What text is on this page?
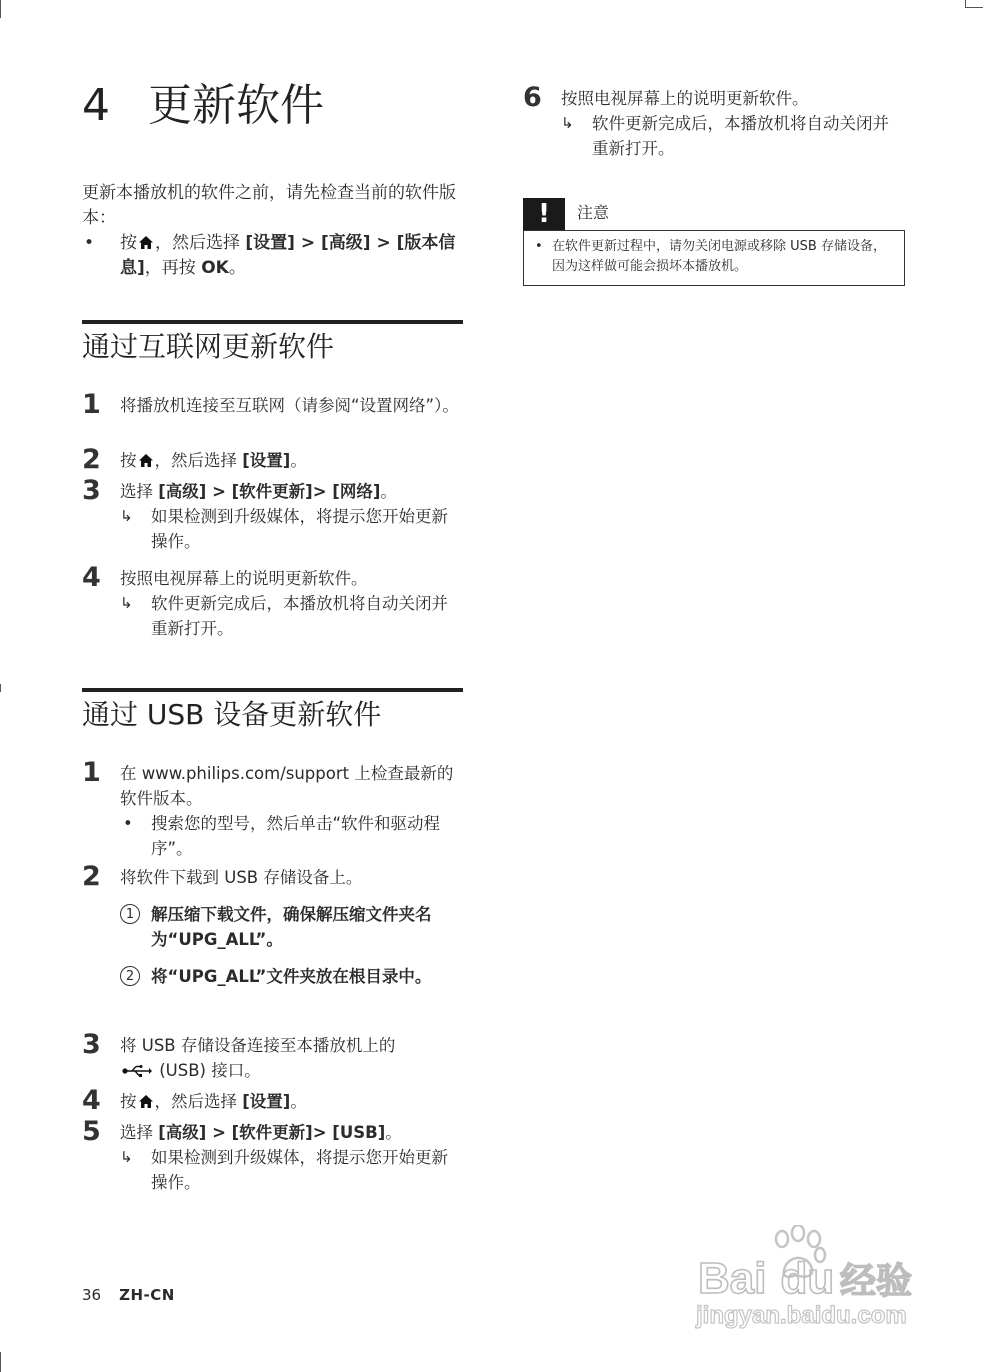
4 更新软件
更新本播放机的软件之前，请先检查当前的软件版本：
• 按 ，然后选择 [设置] > [高级] > [版本信息]，再按 OK。
通过互联网更新软件
1 将播放机连接至互联网（请参阅“设置网络”）。
2 按 ，然后选择 [设置]。
3 选择 [高级] > [软件更新]> [网络]。
↳ 如果检测到升级媒体，将提示您开始更新操作。
4 按照电视屏幕上的说明更新软件。
↳ 软件更新完成后，本播放机将自动关闭并重新打开。
通过 USB 设备更新软件
1 在 www.philips.com/support 上检查最新的软件版本。
• 搜索您的型号，然后单击“软件和驱动程序”。
2 将软件下载到 USB 存储设备上。
1	解压缩下载文件，确保解压缩文件夹名为“UPG_ALL”。
2	将“UPG_ALL”文件夹放在根目录中。
3 将 USB 存储设备连接至本播放机上的
(USB) 接口。
4 按 ，然后选择 [设置]。
5 选择 [高级] > [软件更新]> [USB]。
↳ 如果检测到升级媒体，将提示您开始更新操作。
6 按照电视屏幕上的说明更新软件。
↳ 软件更新完成后，本播放机将自动关闭并重新打开。
!	注意
• 在软件更新过程中，请勿关闭电源或移除 USB 存储设备，因为这样做可能会损坏本播放机。
36 ZH-CN	Bai du 经验
jingyan.baidu.com
